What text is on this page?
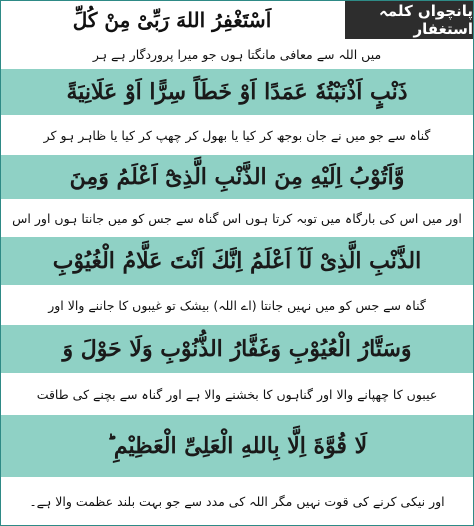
اَسْتَغْفِرُ اللهَ رَبِّیْ مِنْ كُلِّ	پانچواں کلمہ استغفار
میں اللہ سے معافی مانگتا ہوں جو میرا پروردگار ہے ہر
ذَنْبٍ اَذْنَبْتُهٗ عَمَدًا اَوْ خَطَاً سِرًّا اَوْ عَلَانِيَةً
گناہ سے جو میں نے جان بوجھ کر کیا یا بھول کر چھپ کر کیا یا ظاہر ہو کر
وَّاَتُوْبُ اِلَيْهِ مِنَ الذَّنْبِ الَّذِیْٓ اَعْلَمُ وَمِنَ
اور میں اس کی بارگاہ میں توبہ کرتا ہوں اس گناہ سے جس کو میں جانتا ہوں اور اس
الذَّنْبِ الَّذِیْ لَآ اَعْلَمُ اِنَّكَ اَنْتَ عَلَّامُ الْغُيُوْبِ
گناہ سے جس کو میں نہیں جانتا (اے اللہ) بیشک تو غیبوں کا جاننے والا اور
وَسَتَّارُ الْعُيُوْبِ وَغَفَّارُ الذُّنُوْبِ وَلَا حَوْلَ وَ
عیبوں کا چھپانے والا اور گناہوں کا بخشنے والا ہے اور گناہ سے بچنے کی طاقت
لَا قُوَّةَ اِلَّا بِاللهِ الْعَلِیِّ الْعَظِيْمِ ؕ
اور نیکی کرنے کی قوت نہیں مگر اللہ کی مدد سے جو بہت بلند عظمت والا ہے۔
